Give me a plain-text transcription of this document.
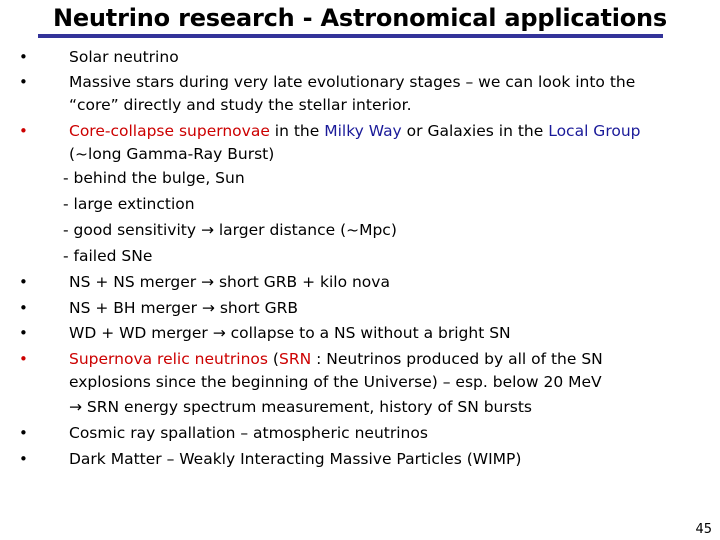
Neutrino research - Astronomical applications
•	Solar neutrino
•	Massive stars during very late evolutionary stages – we can look into the
“core” directly and study the stellar interior.
•	Core-collapse supernovae in the Milky Way or Galaxies in the Local Group
(~long Gamma-Ray Burst)
- behind the bulge, Sun
- large extinction
- good sensitivity → larger distance (~Mpc)
- failed SNe
•	NS + NS merger → short GRB + kilo nova
•	NS + BH merger → short GRB
•	WD + WD merger → collapse to a NS without a bright SN
•	Supernova relic neutrinos (SRN : Neutrinos produced by all of the SN
explosions since the beginning of the Universe) – esp. below 20 MeV
→ SRN energy spectrum measurement, history of SN bursts
•	Cosmic ray spallation – atmospheric neutrinos
•	Dark Matter – Weakly Interacting Massive Particles (WIMP)
45
